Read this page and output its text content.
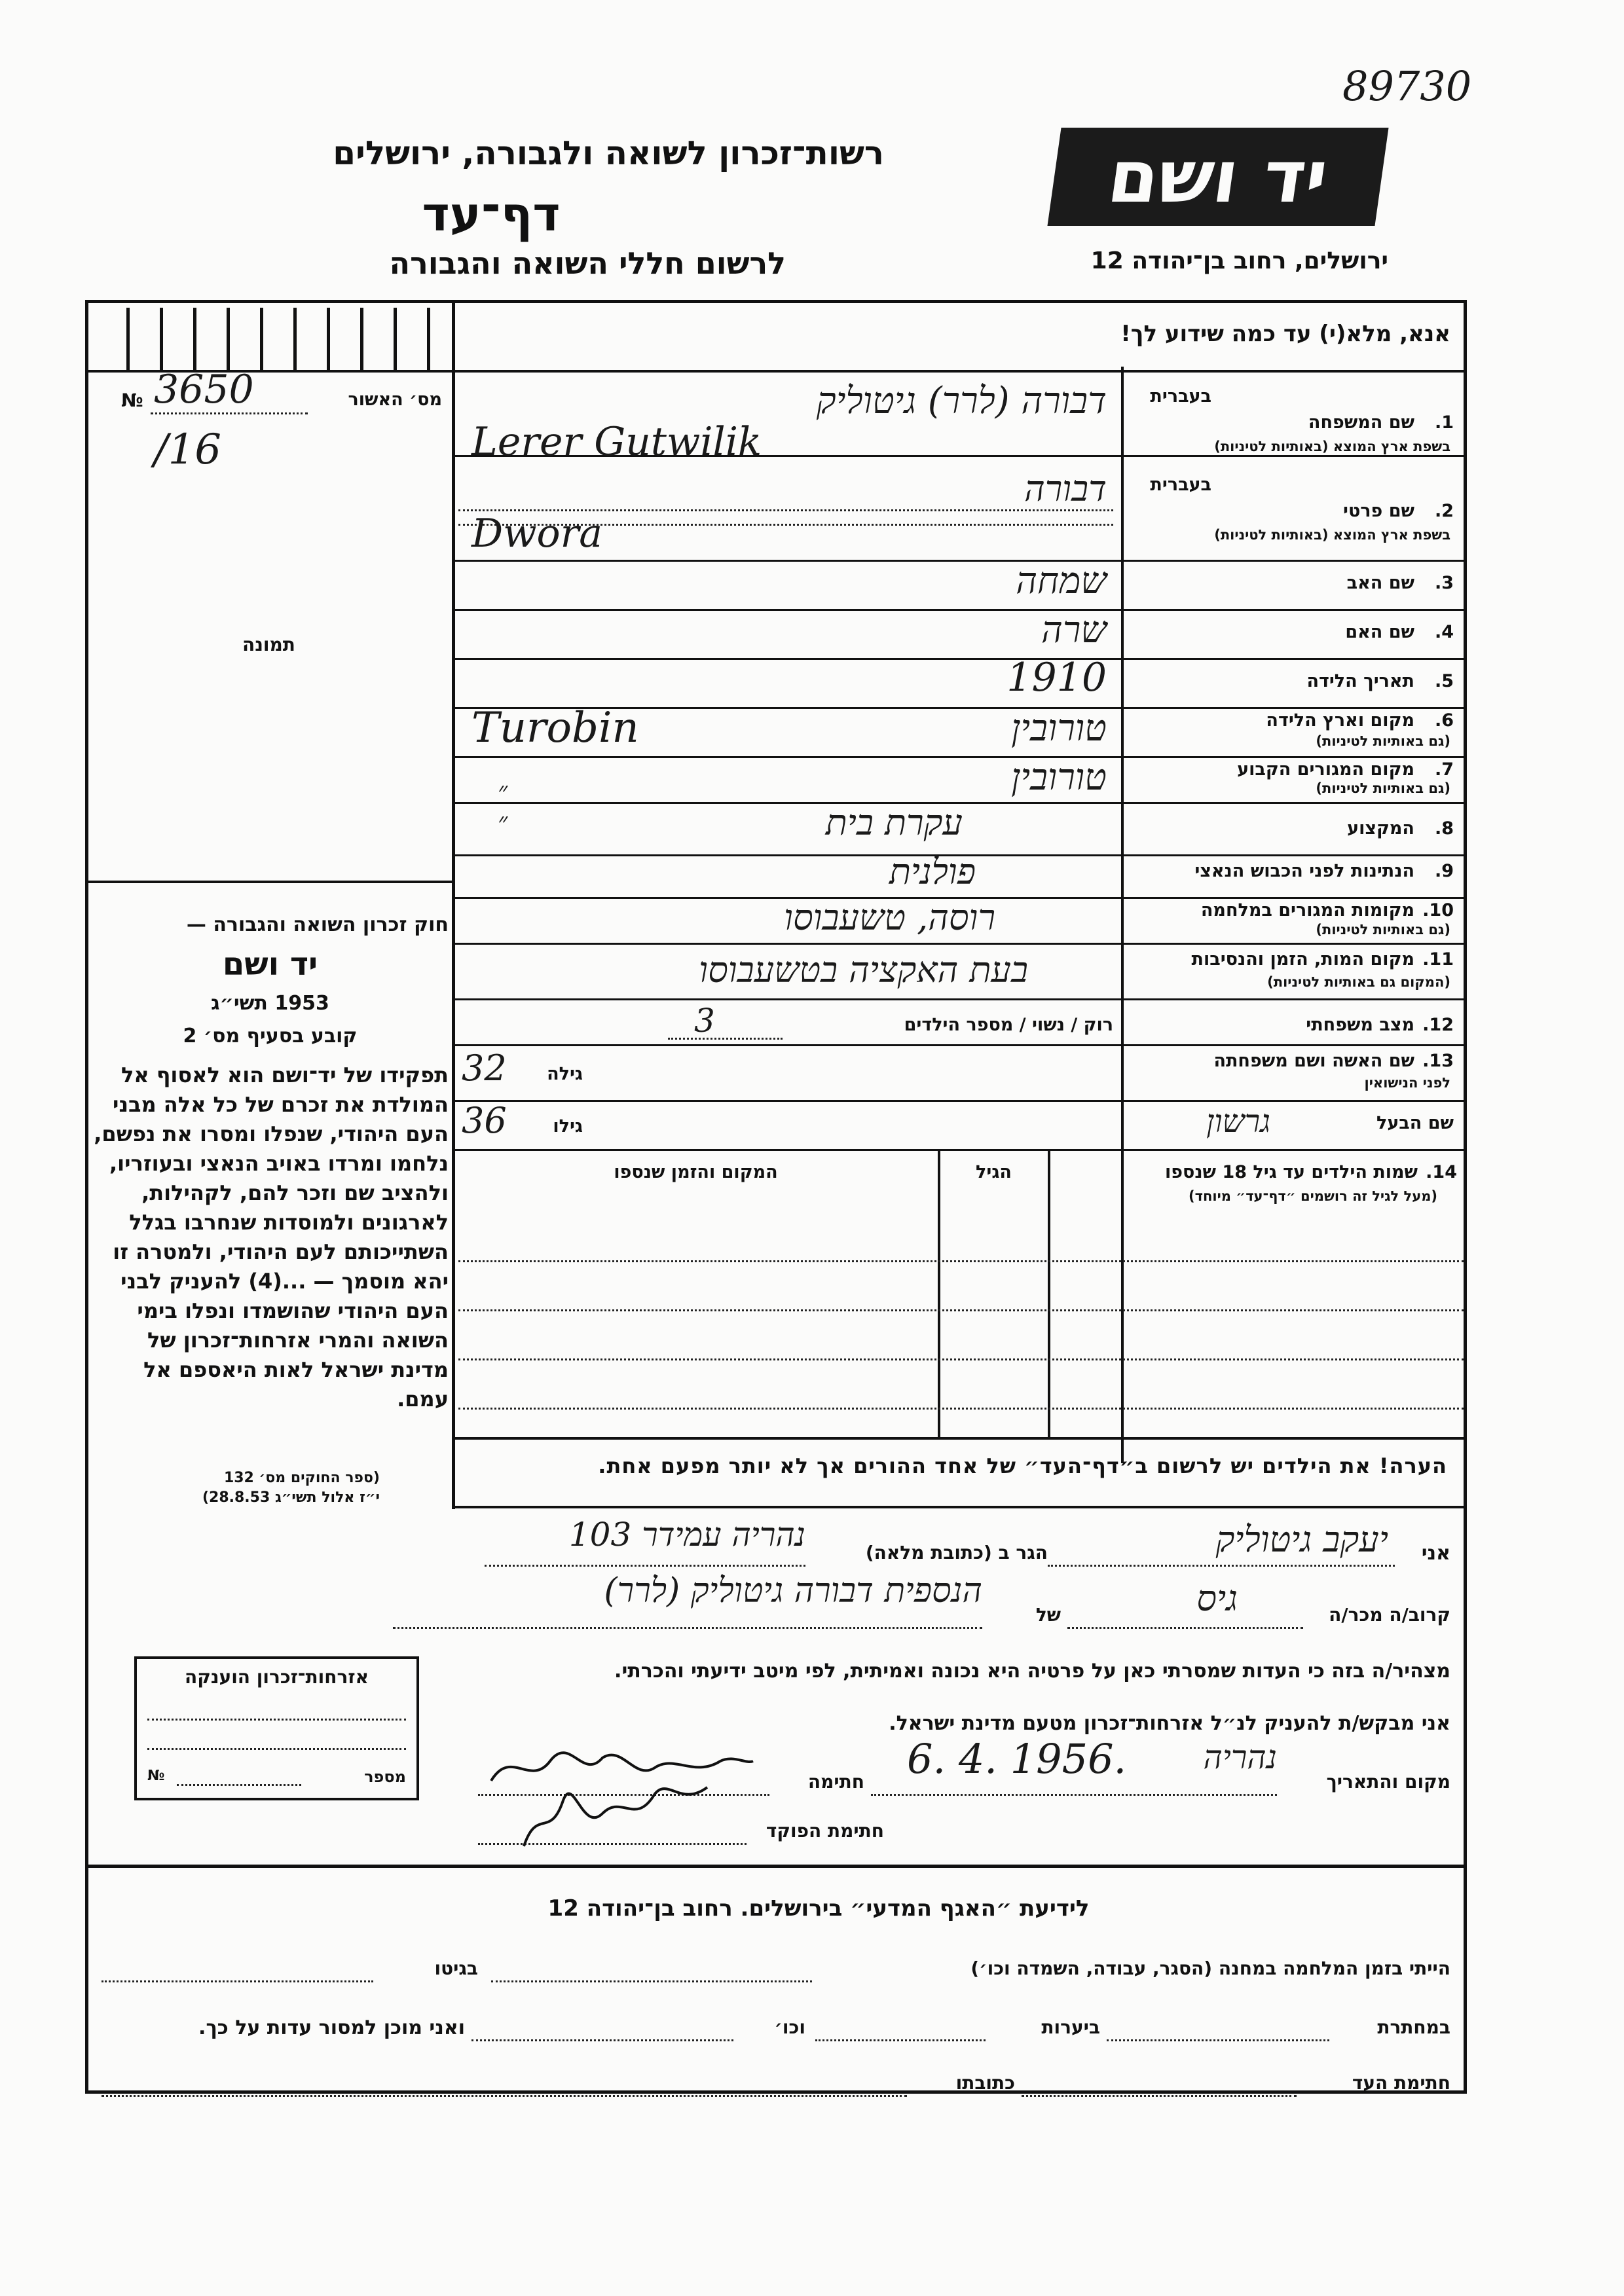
89730
יד ושם
ירושלים, רחוב בן־יהודה 12
רשות־זכרון לשואה ולגבורה, ירושלים
דף־עד
לרשום חללי השואה והגבורה
אנא, מלא(י) עד כמה שידוע לך!
№ 3650	מס׳ האשור
/16
תמונה
חוק זכרון השואה והגבורה —
יד ושם
1953 תשי״ג
קובע בסעיף מס׳ 2
תפקידו של יד־ושם הוא לאסוף אל המולדת את זכרם של כל אלה מבני העם היהודי, שנפלו ומסרו את נפשם, נלחמו ומרדו באויב הנאצי ובעוזריו, ולהציב שם וזכר להם, לקהילות, לארגונים ולמוסדות שנחרבו בגלל השתייכותם לעם היהודי, ולמטרה זו יהא מוסמך — ...(4) להעניק לבני העם היהודי שהושמדו ונפלו בימי השואה והמרי אזרחות־זכרון של מדינת ישראל לאות היאספם אל עמם.
(ספר החוקים מס׳ 132
י״ז אלול תשי״ג 28.8.53)
בעברית
1.
שם המשפחה
בשפת ארץ המוצא (באותיות לטיניות)
דבורה (לרר) גיטוליק
Lerer Gutwilik
בעברית
2.
שם פרטי
בשפת ארץ המוצא (באותיות לטיניות)
דבורה
Dwora
3.
שם האב
שמחה
4.
שם האם
שרה
5.
תאריך הלידה
1910
6.
מקום וארץ הלידה
(גם באותיות לטיניות)
טורובין
Turobin
7.
מקום המגורים הקבוע
(גם באותיות לטיניות)
טורובין
״ ״	8.
המקצוע
עקרת בית
9.
הנתינות לפני הכבוש הנאצי
פולנית
10.
מקומות המגורים במלחמה
(גם באותיות לטיניות)
רוסה, טשעבוסו
11.
מקום המות, הזמן והנסיבות
(המקום גם באותיות לטיניות)
בעת האקציה בטשעבוסו
12.
מצב משפחתי
רוק / נשוי / מספר הילדים
3
13.
שם האשה ושם משפחתה
לפני הנישואין
גילה
32
שם הבעל
גרשון
גילו
36
14.
שמות הילדים עד גיל 18 שנספו
(מעל לגיל זה רושמים ״דף־עד״ מיוחד)
הגיל
המקום והזמן שנספו
הערה! את הילדים יש לרשום ב״דף־העד״ של אחד ההורים אך לא יותר מפעם אחת.
אני
יעקב גיטוליק
הגר ב (כתובת מלאה)
נהריה עמידר 103
קרוב/ה מכר/ה
גיס
של
הנספית דבורה גיטוליק (לרר)
מצהיר/ה בזה כי העדות שמסרתי כאן על פרטיה היא נכונה ואמיתית, לפי מיטב ידיעתי והכרתי.
אני מבקש/ת להעניק לנ״ל אזרחות־זכרון מטעם מדינת ישראל.
מקום והתאריך
6. 4. 1956.	נהריה
חתימה
חתימת הפוקד
אזרחות־זכרון הוענקה
№	מספר
לידיעת ״האגף המדעי״ בירושלים. רחוב בן־יהודה 12
הייתי בזמן המלחמה במחנה (הסגר, עבודה, השמדה וכו׳)
בגיטו
במחתרת
ביערות
וכו׳
ואני מוכן למסור עדות על כך.
חתימת העד
כתובתו
